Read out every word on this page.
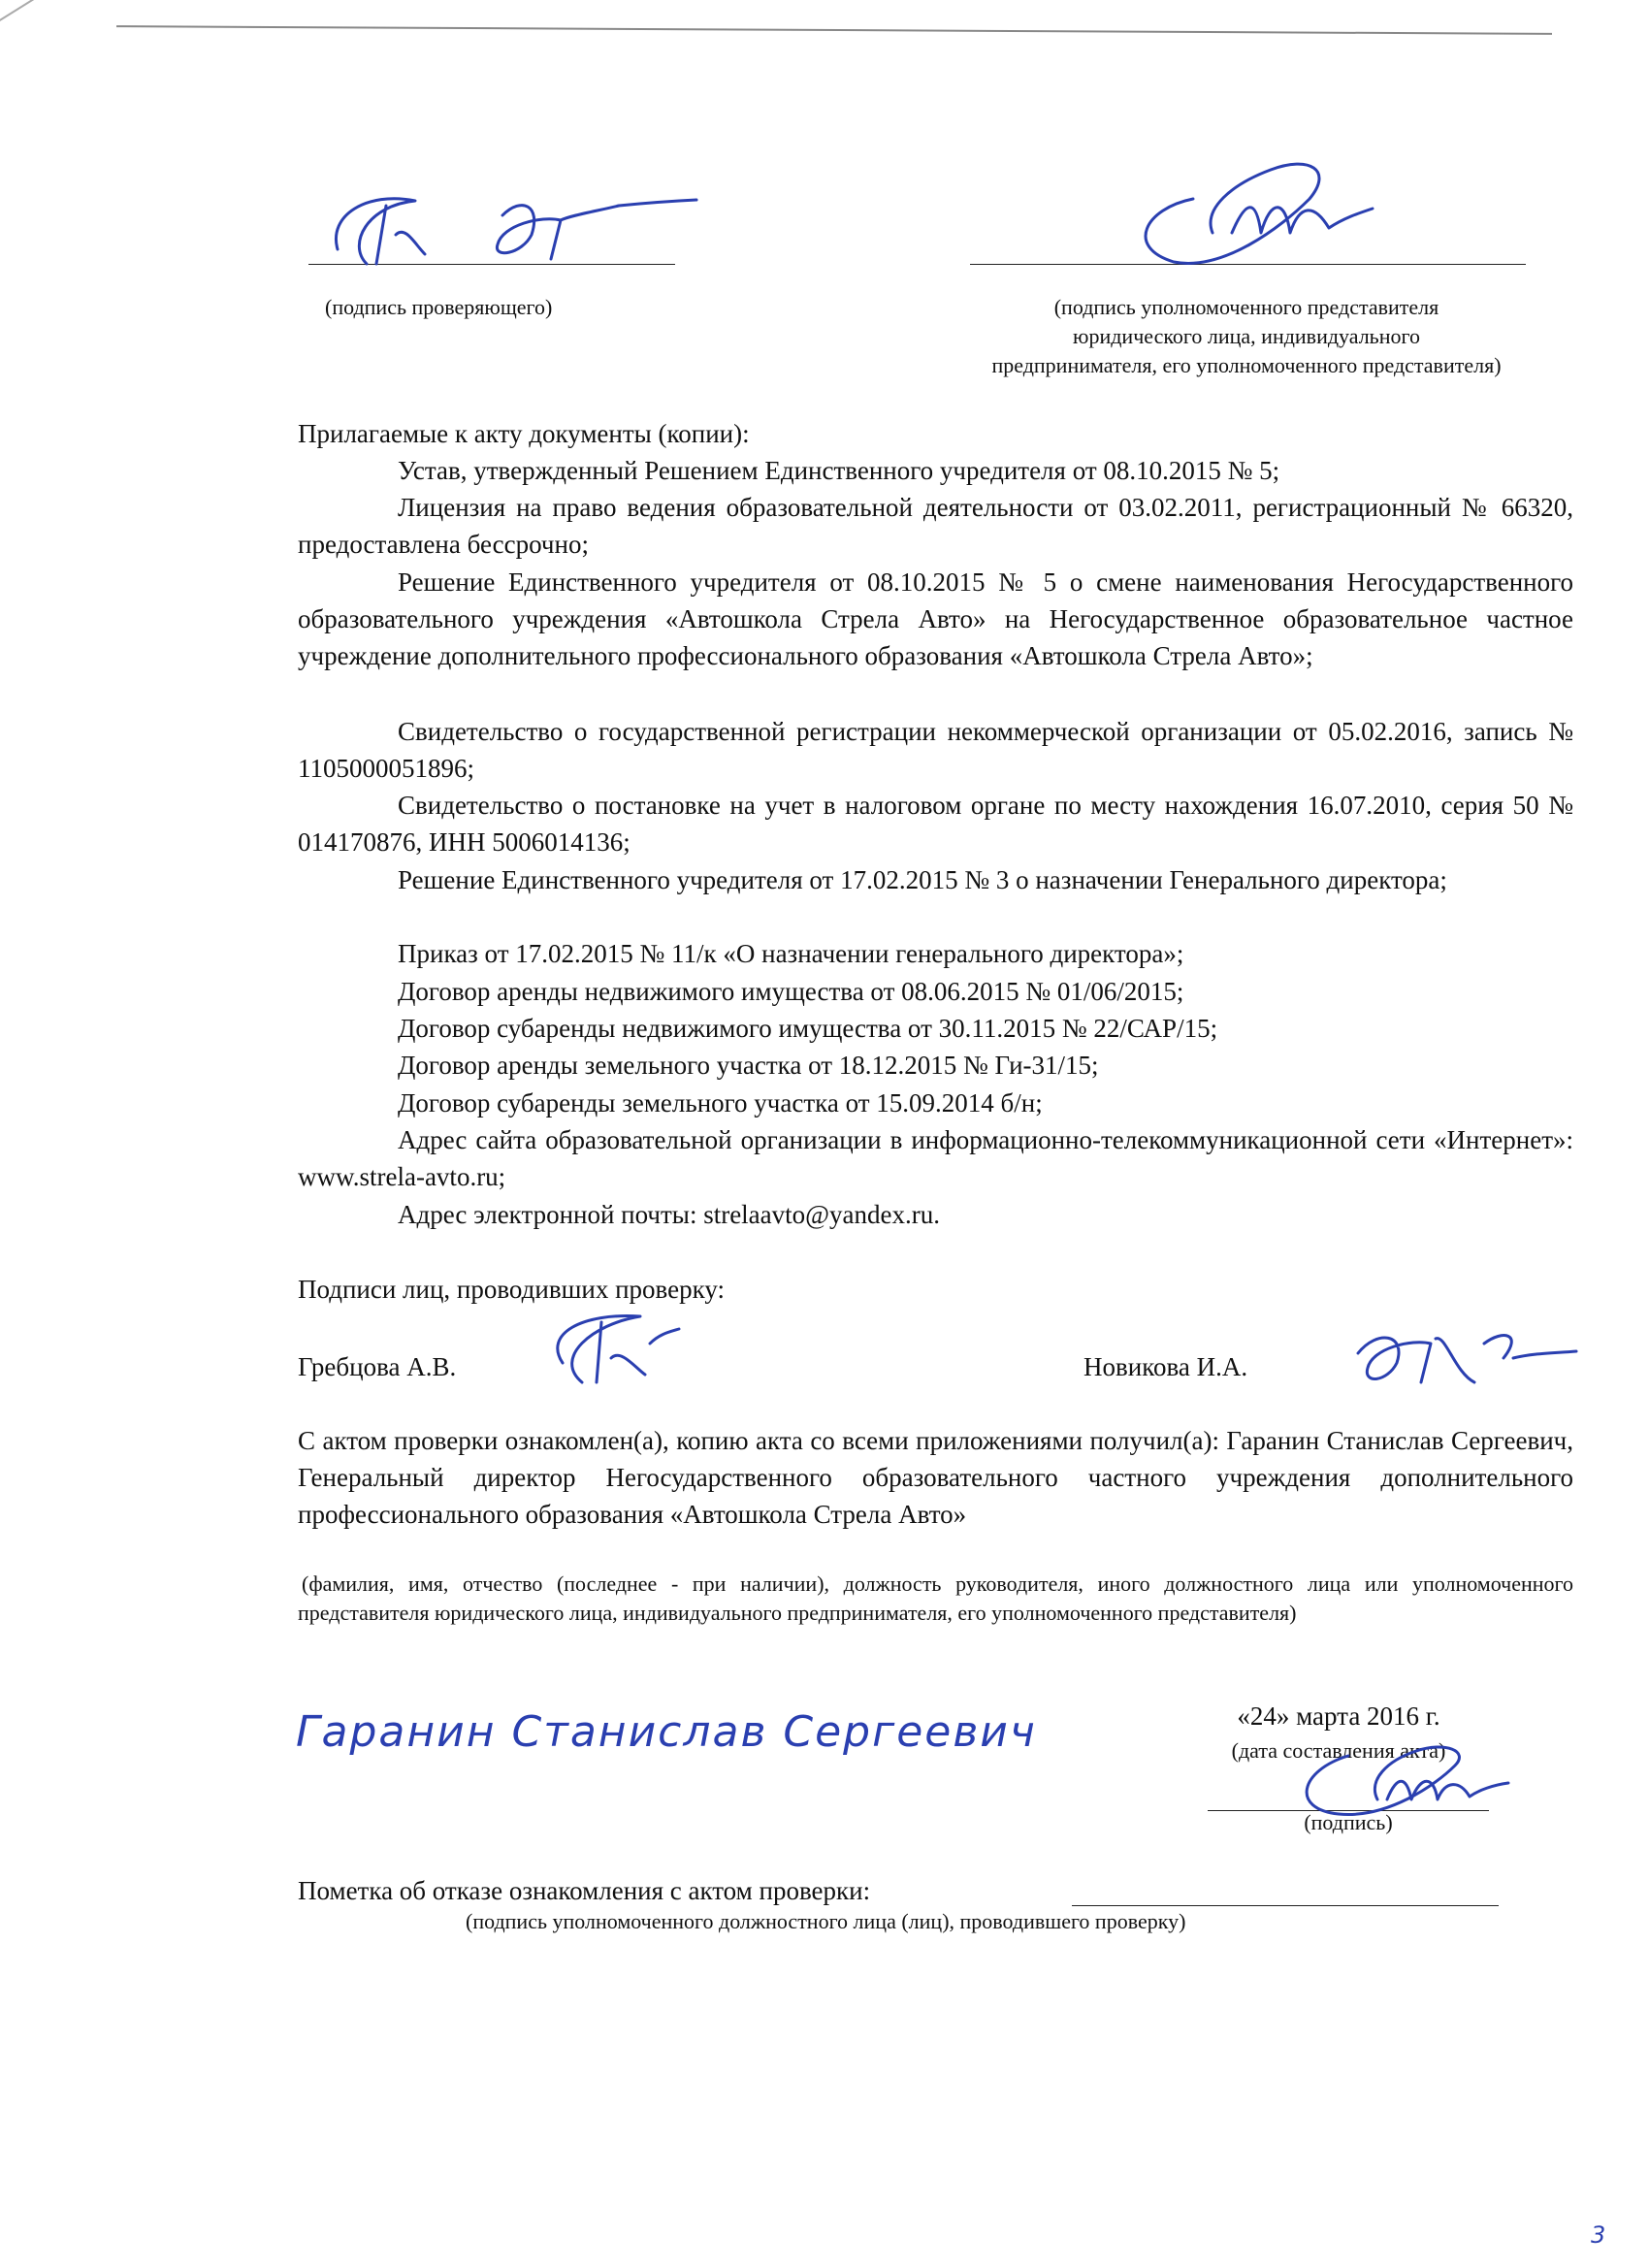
(подпись проверяющего)	(подпись уполномоченного представителя юридического лица, индивидуального предпринимателя, его уполномоченного представителя)
Прилагаемые к акту документы (копии):
Устав, утвержденный Решением Единственного учредителя от 08.10.2015 № 5;
Лицензия на право ведения образовательной деятельности от 03.02.2011, регистрационный № 66320, предоставлена бессрочно;
Решение Единственного учредителя от 08.10.2015 № 5 о смене наименования Негосударственного образовательного учреждения «Автошкола Стрела Авто» на Негосударственное образовательное частное учреждение дополнительного профессионального образования «Автошкола Стрела Авто»;
Свидетельство о государственной регистрации некоммерческой организации от 05.02.2016, запись № 1105000051896;
Свидетельство о постановке на учет в налоговом органе по месту нахождения 16.07.2010, серия 50 № 014170876, ИНН 5006014136;
Решение Единственного учредителя от 17.02.2015 № 3 о назначении Генерального директора;
Приказ от 17.02.2015 № 11/к «О назначении генерального директора»;
Договор аренды недвижимого имущества от 08.06.2015 № 01/06/2015;
Договор субаренды недвижимого имущества от 30.11.2015 № 22/САР/15;
Договор аренды земельного участка от 18.12.2015 № Ги-31/15;
Договор субаренды земельного участка от 15.09.2014 б/н;
Адрес сайта образовательной организации в информационно-телекоммуникационной сети «Интернет»: www.strela-avto.ru;
Адрес электронной почты: strelaavto@yandex.ru.
Подписи лиц, проводивших проверку:
Гребцова А.В.	Новикова И.А.
С актом проверки ознакомлен(а), копию акта со всеми приложениями получил(а): Гаранин Станислав Сергеевич, Генеральный директор Негосударственного образовательного частного учреждения дополнительного профессионального образования «Автошкола Стрела Авто»
(фамилия, имя, отчество (последнее - при наличии), должность руководителя, иного должностного лица или уполномоченного представителя юридического лица, индивидуального предпринимателя, его уполномоченного представителя)
Гаранин Станислав Сергеевич	«24» марта 2016 г.
(дата составления акта)
(подпись)
Пометка об отказе ознакомления с актом проверки:
(подпись уполномоченного должностного лица (лиц), проводившего проверку)
3
